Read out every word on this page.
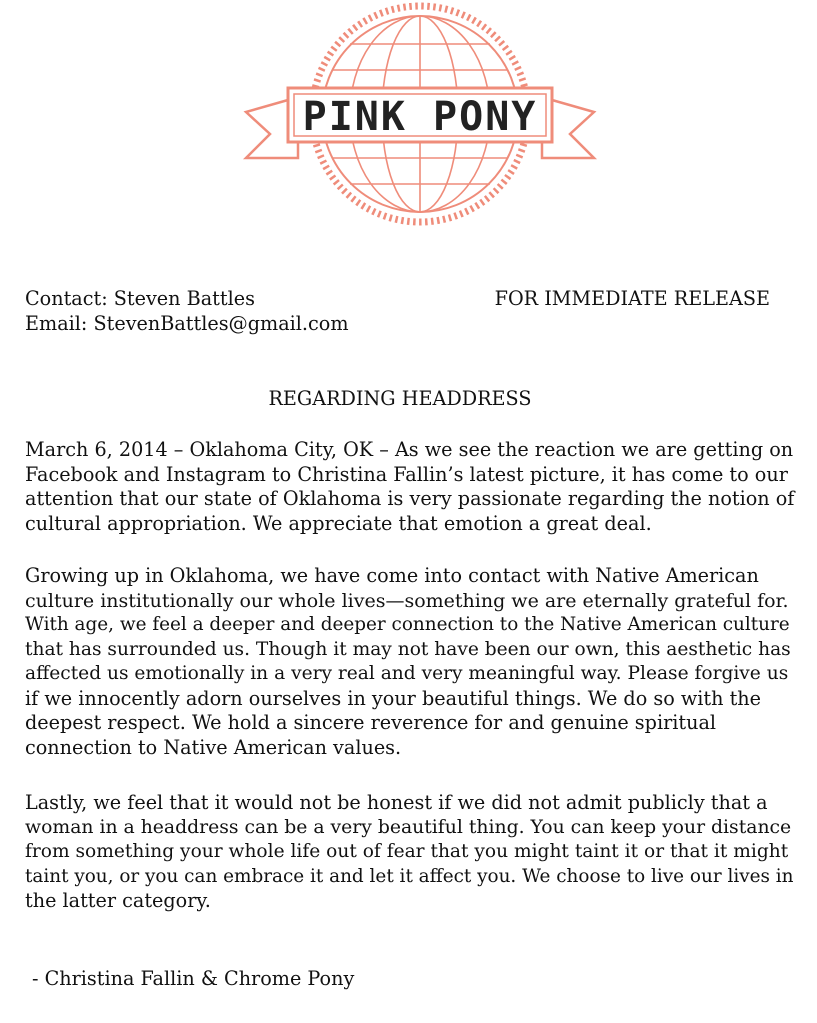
PINK PONY
Contact: Steven Battles	FOR IMMEDIATE RELEASE
Email: StevenBattles@gmail.com
REGARDING HEADDRESS
March 6, 2014 – Oklahoma City, OK – As we see the reaction we are getting on
Facebook and Instagram to Christina Fallin’s latest picture, it has come to our
attention that our state of Oklahoma is very passionate regarding the notion of
cultural appropriation. We appreciate that emotion a great deal.
Growing up in Oklahoma, we have come into contact with Native American
culture institutionally our whole lives—something we are eternally grateful for.
With age, we feel a deeper and deeper connection to the Native American culture
that has surrounded us. Though it may not have been our own, this aesthetic has
affected us emotionally in a very real and very meaningful way. Please forgive us
if we innocently adorn ourselves in your beautiful things. We do so with the
deepest respect. We hold a sincere reverence for and genuine spiritual
connection to Native American values.
Lastly, we feel that it would not be honest if we did not admit publicly that a
woman in a headdress can be a very beautiful thing. You can keep your distance
from something your whole life out of fear that you might taint it or that it might
taint you, or you can embrace it and let it affect you. We choose to live our lives in
the latter category.
- Christina Fallin & Chrome Pony
